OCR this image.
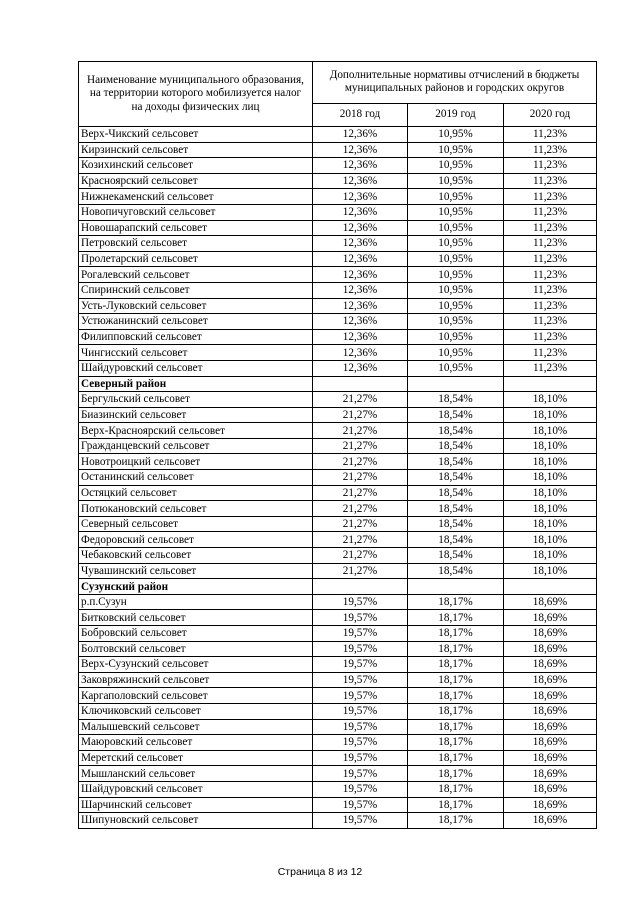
Наименование муниципального образования, на территории которого мобилизуется налог на доходы физических лиц	Дополнительные нормативы отчислений в бюджеты муниципальных районов и городских округов		
	2018 год	2019 год	2020 год
Верх-Чикский сельсовет	12,36%	10,95%	11,23%
Кирзинский сельсовет	12,36%	10,95%	11,23%
Козихинский сельсовет	12,36%	10,95%	11,23%
Красноярский сельсовет	12,36%	10,95%	11,23%
Нижнекаменский сельсовет	12,36%	10,95%	11,23%
Новопичуговский сельсовет	12,36%	10,95%	11,23%
Новошарапский сельсовет	12,36%	10,95%	11,23%
Петровский сельсовет	12,36%	10,95%	11,23%
Пролетарский сельсовет	12,36%	10,95%	11,23%
Рогалевский сельсовет	12,36%	10,95%	11,23%
Спиринский сельсовет	12,36%	10,95%	11,23%
Усть-Луковский сельсовет	12,36%	10,95%	11,23%
Устюжанинский сельсовет	12,36%	10,95%	11,23%
Филипповский сельсовет	12,36%	10,95%	11,23%
Чингисский сельсовет	12,36%	10,95%	11,23%
Шайдуровский сельсовет	12,36%	10,95%	11,23%
Северный район			
Бергульский сельсовет	21,27%	18,54%	18,10%
Биазинский сельсовет	21,27%	18,54%	18,10%
Верх-Красноярский сельсовет	21,27%	18,54%	18,10%
Гражданцевский сельсовет	21,27%	18,54%	18,10%
Новотроицкий сельсовет	21,27%	18,54%	18,10%
Останинский сельсовет	21,27%	18,54%	18,10%
Остяцкий сельсовет	21,27%	18,54%	18,10%
Потюкановский сельсовет	21,27%	18,54%	18,10%
Северный сельсовет	21,27%	18,54%	18,10%
Федоровский сельсовет	21,27%	18,54%	18,10%
Чебаковский сельсовет	21,27%	18,54%	18,10%
Чувашинский сельсовет	21,27%	18,54%	18,10%
Сузунский район			
р.п.Сузун	19,57%	18,17%	18,69%
Битковский сельсовет	19,57%	18,17%	18,69%
Бобровский сельсовет	19,57%	18,17%	18,69%
Болтовский сельсовет	19,57%	18,17%	18,69%
Верх-Сузунский сельсовет	19,57%	18,17%	18,69%
Заковряжинский сельсовет	19,57%	18,17%	18,69%
Каргаполовский сельсовет	19,57%	18,17%	18,69%
Ключиковский сельсовет	19,57%	18,17%	18,69%
Малышевский сельсовет	19,57%	18,17%	18,69%
Маюровский сельсовет	19,57%	18,17%	18,69%
Меретский сельсовет	19,57%	18,17%	18,69%
Мышланский сельсовет	19,57%	18,17%	18,69%
Шайдуровский сельсовет	19,57%	18,17%	18,69%
Шарчинский сельсовет	19,57%	18,17%	18,69%
Шипуновский сельсовет	19,57%	18,17%	18,69%
Страница 8 из 12
